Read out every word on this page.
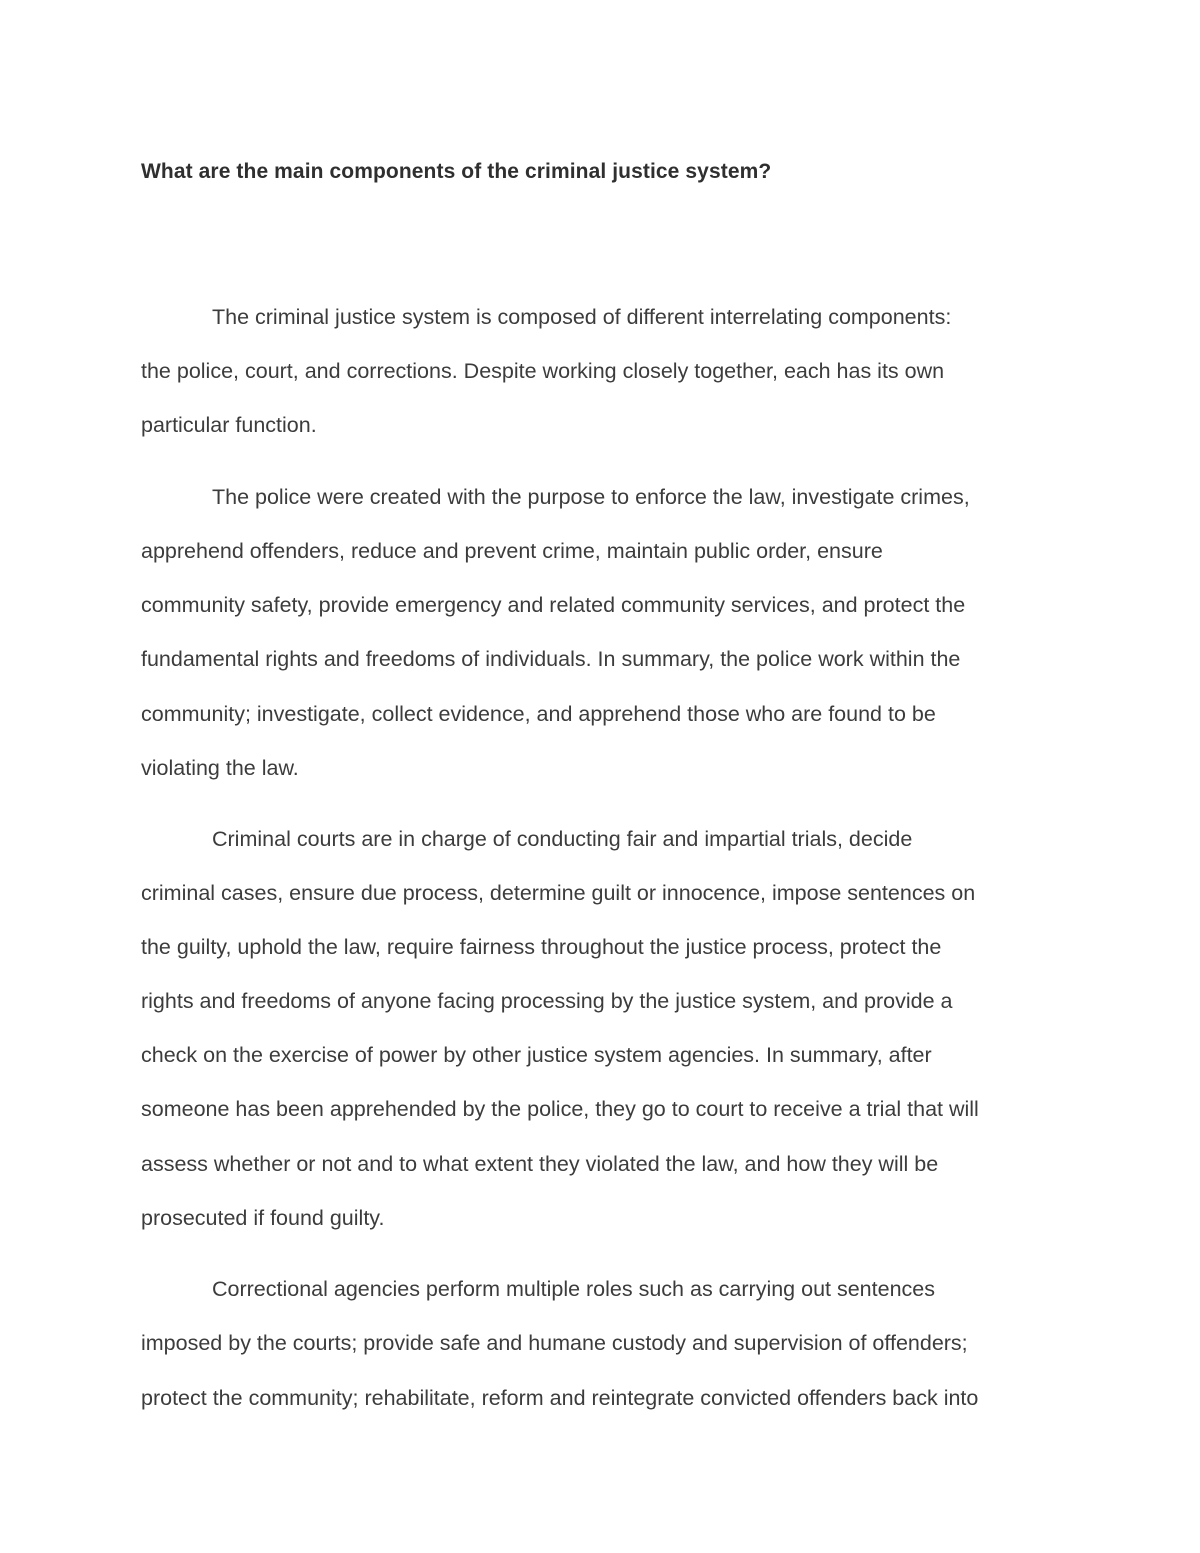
What are the main components of the criminal justice system?

The criminal justice system is composed of different interrelating components:

the police, court, and corrections. Despite working closely together, each has its own

particular function.

The police were created with the purpose to enforce the law, investigate crimes,

apprehend offenders, reduce and prevent crime, maintain public order, ensure

community safety, provide emergency and related community services, and protect the

fundamental rights and freedoms of individuals. In summary, the police work within the

community; investigate, collect evidence, and apprehend those who are found to be

violating the law.

Criminal courts are in charge of conducting fair and impartial trials, decide

criminal cases, ensure due process, determine guilt or innocence, impose sentences on

the guilty, uphold the law, require fairness throughout the justice process, protect the

rights and freedoms of anyone facing processing by the justice system, and provide a

check on the exercise of power by other justice system agencies. In summary, after

someone has been apprehended by the police, they go to court to receive a trial that will

assess whether or not and to what extent they violated the law, and how they will be

prosecuted if found guilty.

Correctional agencies perform multiple roles such as carrying out sentences

imposed by the courts; provide safe and humane custody and supervision of offenders;

protect the community; rehabilitate, reform and reintegrate convicted offenders back into
